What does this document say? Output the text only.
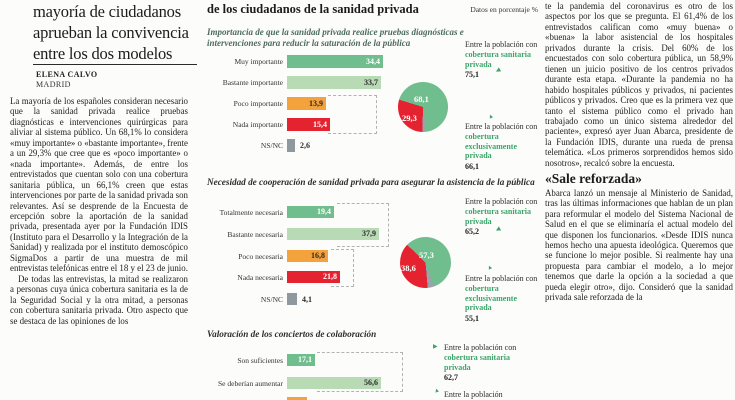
mayoría de ciudadanos
aprueban la convivencia
entre los dos modelos
ELENA CALVO
MADRID

La mayoría de los españoles consideran necesario que la sanidad privada realice pruebas diagnósticas e intervenciones quirúrgicas para aliviar al sistema público. Un 68,1% lo considera «muy importante» o «bastante importante», frente a un 29,3% que cree que es «poco importante» o «nada importante». Además, de entre los entrevistados que cuentan solo con una cobertura sanitaria pública, un 66,1% creen que estas intervenciones por parte de la sanidad privada son relevantes. Así se desprende de la Encuesta de ercepción sobre la aportación de la sanidad privada, presentada ayer por la Fundación IDIS (Instituto para el Desarrollo y la Integración de la Sanidad) y realizada por el instituto demoscópico SigmaDos a partir de una muestra de mil entrevistas telefónicas entre el 18 y el 23 de junio.

De todas las entrevistas, la mitad se realizaron a personas cuya única cobertura sanitaria es la de la Seguridad Social y la otra mitad, a personas con cobertura sanitaria privada. Otro aspecto que se destaca de las opiniones de los

de los ciudadanos de la sanidad privada	Datos en porcentaje %
Importancia de que la sanidad privada realice pruebas diagnósticas e intervenciones para reducir la saturación de la pública
Muy importante	34,4
Bastante importante	33,7
Poco importante	13,9
Nada importante	15,4
NS/NC 2,6
68,1
29,3
◀
Entre la población con cobertura sanitaria privada
75,1
▲
Entre la población con cobertura exclusivamente privada
66,1
Necesidad de cooperación de sanidad privada para asegurar la asistencia de la pública
Totalmente necesaria	19,4
Bastante necesaria	37,9
Poco necesaria	16,8
Nada necesaria	21,8
NS/NC 4,1
57,3
38,6
◀
Entre la población con cobertura sanitaria privada
65,2
▲
Entre la población con cobertura exclusivamente privada
55,1
Valoración de los conciertos de colaboración
Son suficientes	17,1
Se deberían aumentar	56,6
▶ Entre la población con cobertura sanitaria privada
62,7
▲ Entre la población

te la pandemia del coronavirus es otro de los aspectos por los que se pregunta. El 61,4% de los entrevistados califican como «muy buena» o «buena» la labor asistencial de los hospitales privados durante la crisis. Del 60% de los encuestados con solo cobertura pública, un 58,9% tienen un juicio positivo de los centros privados durante esta etapa. «Durante la pandemia no ha habido hospitales públicos y privados, ni pacientes públicos y privados. Creo que es la primera vez que tanto el sistema público como el privado han trabajado como un único sistema alrededor del paciente», expresó ayer Juan Abarca, presidente de la Fundación IDIS, durante una rueda de prensa telemática. «Los primeros sorprendidos hemos sido nosotros», recalcó sobre la encuesta.

«Sale reforzada»

Abarca lanzó un mensaje al Ministerio de Sanidad, tras las últimas informaciones que hablan de un plan para reformular el modelo del Sistema Nacional de Salud en el que se eliminaría el actual modelo del que disponen los funcionarios. «Desde IDIS nunca hemos hecho una apuesta ideológica. Queremos que se funcione lo mejor posible. Si realmente hay una propuesta para cambiar el modelo, a lo mejor tenemos que darle la opción a la sociedad a que pueda elegir otro», dijo. Consideró que la sanidad privada sale reforzada de la
